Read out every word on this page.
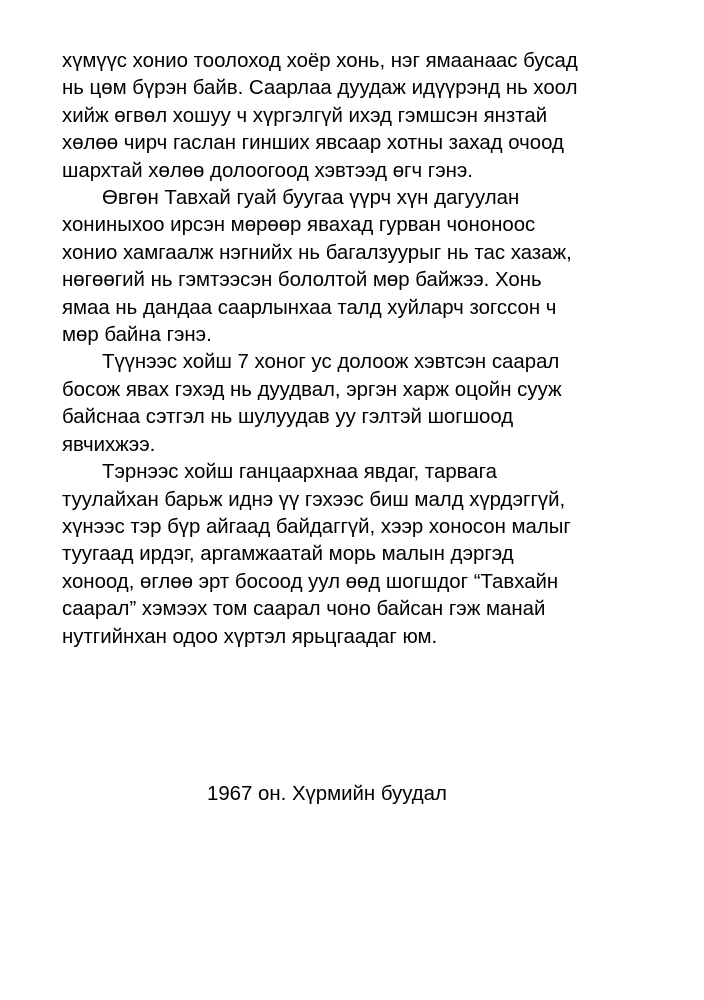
хүмүүс хонио тоолоход хоёр хонь, нэг ямаанаас бусад
нь цөм бүрэн байв. Саарлаа дуудаж идүүрэнд нь хоол
хийж өгвөл хошуу ч хүргэлгүй ихэд гэмшсэн янзтай
хөлөө чирч гаслан гинших явсаар хотны захад очоод
шархтай хөлөө долоогоод хэвтээд өгч гэнэ.
Өвгөн Тавхай гуай буугаа үүрч хүн дагуулан
хониныхоо ирсэн мөрөөр явахад гурван чононоос
хонио хамгаалж нэгнийх нь багалзуурыг нь тас хазаж,
нөгөөгий нь гэмтээсэн бололтой мөр байжээ. Хонь
ямаа нь дандаа саарлынхаа талд хуйларч зогссон ч
мөр байна гэнэ.
Түүнээс хойш 7 хоног ус долоож хэвтсэн саарал
босож явах гэхэд нь дуудвал, эргэн харж оцойн сууж
байснаа сэтгэл нь шулуудав уу гэлтэй шогшоод
явчихжээ.
Тэрнээс хойш ганцаархнаа явдаг, тарвага
туулайхан барьж иднэ үү гэхээс биш малд хүрдэггүй,
хүнээс тэр бүр айгаад байдаггүй, хээр хоносон малыг
туугаад ирдэг, аргамжаатай морь малын дэргэд
хоноод, өглөө эрт босоод уул өөд шогшдог “Тавхайн
саарал” хэмээх том саарал чоно байсан гэж манай
нутгийнхан одоо хүртэл ярьцгаадаг юм.
1967 он. Хүрмийн буудал
